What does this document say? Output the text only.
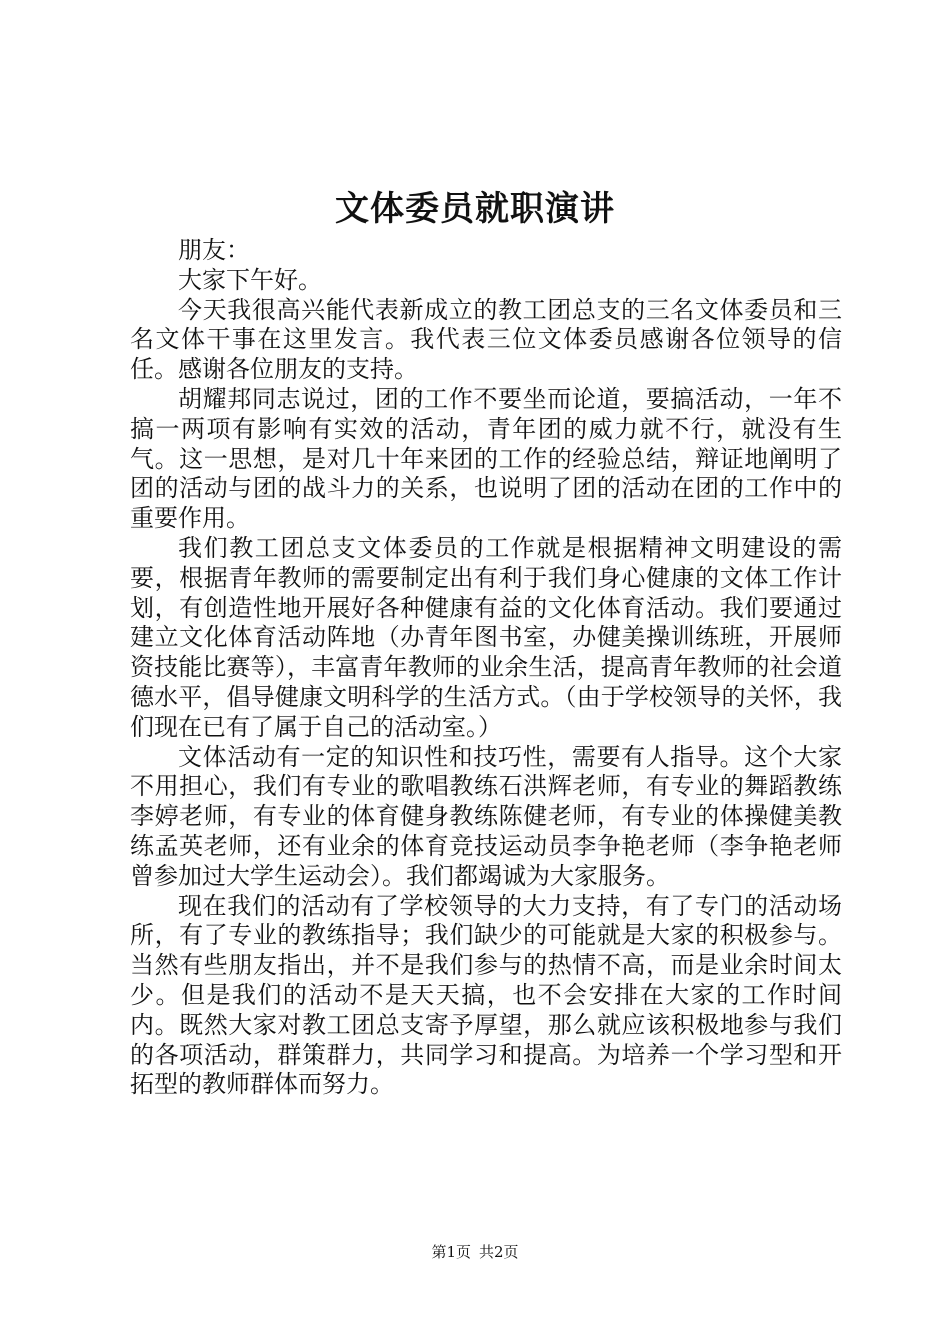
文体委员就职演讲

朋友：

大家下午好。

今天我很高兴能代表新成立的教工团总支的三名文体委员和三名文体干事在这里发言。我代表三位文体委员感谢各位领导的信任。感谢各位朋友的支持。

胡耀邦同志说过，团的工作不要坐而论道，要搞活动，一年不搞一两项有影响有实效的活动，青年团的威力就不行，就没有生气。这一思想，是对几十年来团的工作的经验总结，辩证地阐明了团的活动与团的战斗力的关系，也说明了团的活动在团的工作中的重要作用。

我们教工团总支文体委员的工作就是根据精神文明建设的需要，根据青年教师的需要制定出有利于我们身心健康的文体工作计划，有创造性地开展好各种健康有益的文化体育活动。我们要通过建立文化体育活动阵地（办青年图书室，办健美操训练班，开展师资技能比赛等），丰富青年教师的业余生活，提高青年教师的社会道德水平，倡导健康文明科学的生活方式。（由于学校领导的关怀，我们现在已有了属于自己的活动室。）

文体活动有一定的知识性和技巧性，需要有人指导。这个大家不用担心，我们有专业的歌唱教练石洪辉老师，有专业的舞蹈教练李婷老师，有专业的体育健身教练陈健老师，有专业的体操健美教练孟英老师，还有业余的体育竞技运动员李争艳老师（李争艳老师曾参加过大学生运动会）。我们都竭诚为大家服务。

现在我们的活动有了学校领导的大力支持，有了专门的活动场所，有了专业的教练指导；我们缺少的可能就是大家的积极参与。当然有些朋友指出，并不是我们参与的热情不高，而是业余时间太少。但是我们的活动不是天天搞，也不会安排在大家的工作时间内。既然大家对教工团总支寄予厚望，那么就应该积极地参与我们的各项活动，群策群力，共同学习和提高。为培养一个学习型和开拓型的教师群体而努力。

第1页 共2页
